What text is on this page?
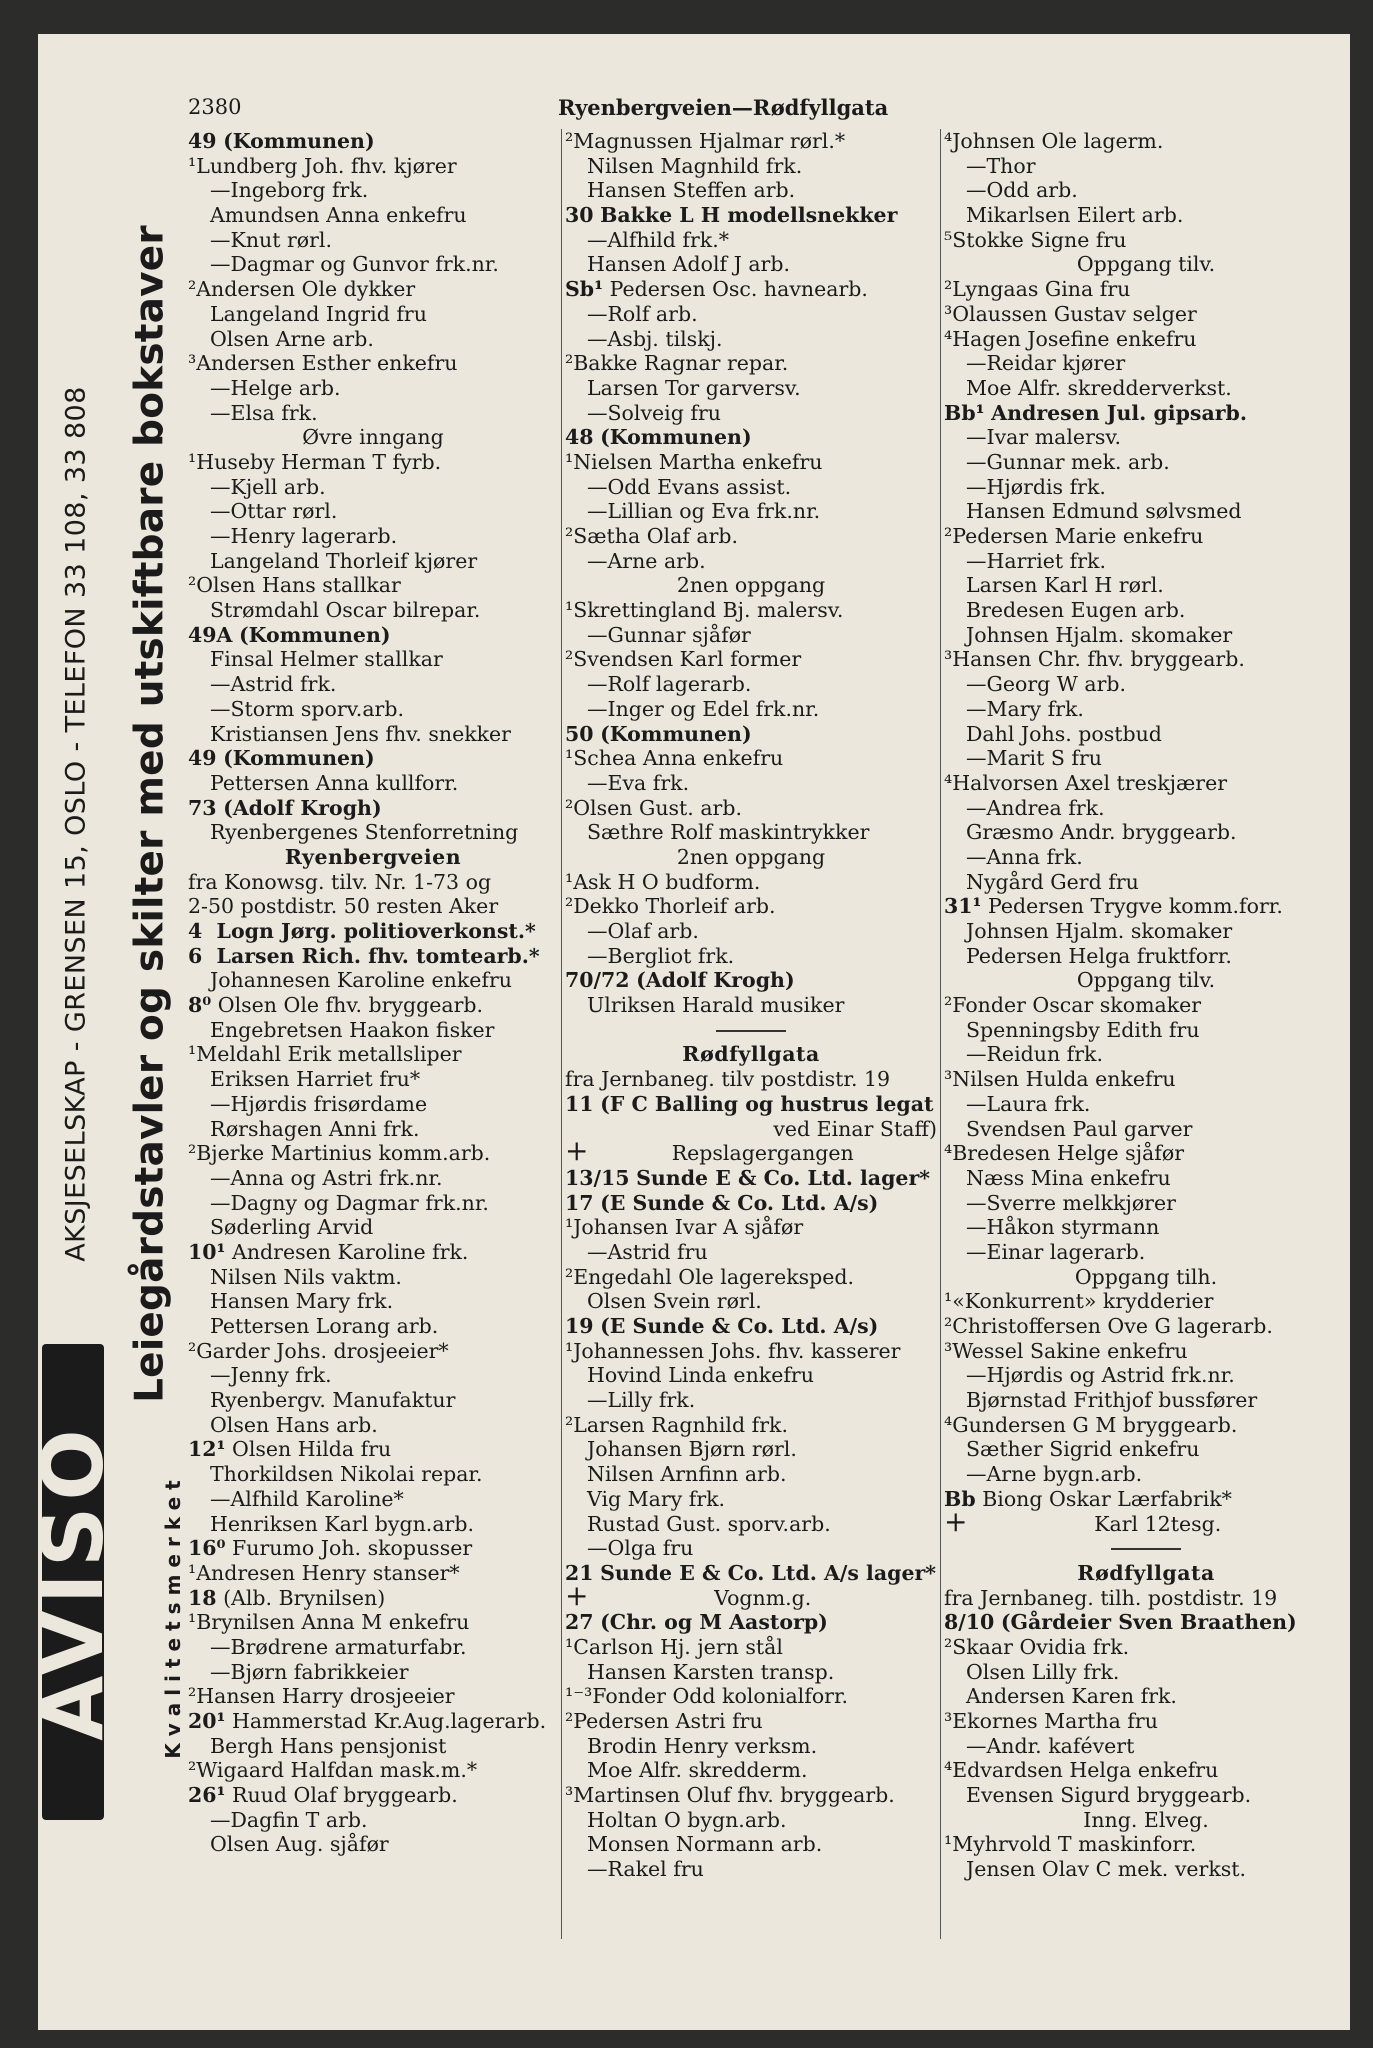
AKSJESELSKAP - GRENSEN 15, OSLO - TELEFON 33 108, 33 808 Leiegårdstavler og skilter med utskiftbare bokstaver
AVISO Kvalitetsmerket
2380	Ryenbergveien—Rødfyllgata
49 (Kommunen)
¹Lundberg Joh. fhv. kjører
—Ingeborg frk.
Amundsen Anna enkefru
—Knut rørl.
—Dagmar og Gunvor frk.nr.
²Andersen Ole dykker
Langeland Ingrid fru
Olsen Arne arb.
³Andersen Esther enkefru
—Helge arb.
—Elsa frk.
Øvre inngang
¹Huseby Herman T fyrb.
—Kjell arb.
—Ottar rørl.
—Henry lagerarb.
Langeland Thorleif kjører
²Olsen Hans stallkar
Strømdahl Oscar bilrepar.
49A (Kommunen)
Finsal Helmer stallkar
—Astrid frk.
—Storm sporv.arb.
Kristiansen Jens fhv. snekker
49 (Kommunen)
Pettersen Anna kullforr.
73 (Adolf Krogh)
Ryenbergenes Stenforretning
Ryenbergveien
fra Konowsg. tilv. Nr. 1-73 og
2-50 postdistr. 50 resten Aker
4 Logn Jørg. politioverkonst.*
6 Larsen Rich. fhv. tomtearb.*
Johannesen Karoline enkefru
8⁰ Olsen Ole fhv. bryggearb.
Engebretsen Haakon fisker
¹Meldahl Erik metallsliper
Eriksen Harriet fru*
—Hjørdis frisørdame
Rørshagen Anni frk.
²Bjerke Martinius komm.arb.
—Anna og Astri frk.nr.
—Dagny og Dagmar frk.nr.
Søderling Arvid
10¹ Andresen Karoline frk.
Nilsen Nils vaktm.
Hansen Mary frk.
Pettersen Lorang arb.
²Garder Johs. drosjeeier*
—Jenny frk.
Ryenbergv. Manufaktur
Olsen Hans arb.
12¹ Olsen Hilda fru
Thorkildsen Nikolai repar.
—Alfhild Karoline*
Henriksen Karl bygn.arb.
16⁰ Furumo Joh. skopusser
¹Andresen Henry stanser*
18 (Alb. Brynilsen)
¹Brynilsen Anna M enkefru
—Brødrene armaturfabr.
—Bjørn fabrikkeier
²Hansen Harry drosjeeier
20¹ Hammerstad Kr.Aug.lagerarb.
Bergh Hans pensjonist
²Wigaard Halfdan mask.m.*
26¹ Ruud Olaf bryggearb.
—Dagfin T arb.
Olsen Aug. sjåfør
²Magnussen Hjalmar rørl.*
Nilsen Magnhild frk.
Hansen Steffen arb.
30 Bakke L H modellsnekker
—Alfhild frk.*
Hansen Adolf J arb.
Sb¹ Pedersen Osc. havnearb.
—Rolf arb.
—Asbj. tilskj.
²Bakke Ragnar repar.
Larsen Tor garversv.
—Solveig fru
48 (Kommunen)
¹Nielsen Martha enkefru
—Odd Evans assist.
—Lillian og Eva frk.nr.
²Sætha Olaf arb.
—Arne arb.
2nen oppgang
¹Skrettingland Bj. malersv.
—Gunnar sjåfør
²Svendsen Karl former
—Rolf lagerarb.
—Inger og Edel frk.nr.
50 (Kommunen)
¹Schea Anna enkefru
—Eva frk.
²Olsen Gust. arb.
Sæthre Rolf maskintrykker
2nen oppgang
¹Ask H O budform.
²Dekko Thorleif arb.
—Olaf arb.
—Bergliot frk.
70/72 (Adolf Krogh)
Ulriksen Harald musiker
Rødfyllgata
fra Jernbaneg. tilv postdistr. 19
11 (F C Balling og hustrus legat
ved Einar Staff)
+	Repslagergangen
13/15 Sunde E & Co. Ltd. lager*
17 (E Sunde & Co. Ltd. A/s)
¹Johansen Ivar A sjåfør
—Astrid fru
²Engedahl Ole lagereksped.
Olsen Svein rørl.
19 (E Sunde & Co. Ltd. A/s)
¹Johannessen Johs. fhv. kasserer
Hovind Linda enkefru
—Lilly frk.
²Larsen Ragnhild frk.
Johansen Bjørn rørl.
Nilsen Arnfinn arb.
Vig Mary frk.
Rustad Gust. sporv.arb.
—Olga fru
21 Sunde E & Co. Ltd. A/s lager*
+	Vognm.g.
27 (Chr. og M Aastorp)
¹Carlson Hj. jern stål
Hansen Karsten transp.
¹⁻³Fonder Odd kolonialforr.
²Pedersen Astri fru
Brodin Henry verksm.
Moe Alfr. skredderm.
³Martinsen Oluf fhv. bryggearb.
Holtan O bygn.arb.
Monsen Normann arb.
—Rakel fru
⁴Johnsen Ole lagerm.
—Thor
—Odd arb.
Mikarlsen Eilert arb.
⁵Stokke Signe fru
Oppgang tilv.
²Lyngaas Gina fru
³Olaussen Gustav selger
⁴Hagen Josefine enkefru
—Reidar kjører
Moe Alfr. skredderverkst.
Bb¹ Andresen Jul. gipsarb.
—Ivar malersv.
—Gunnar mek. arb.
—Hjørdis frk.
Hansen Edmund sølvsmed
²Pedersen Marie enkefru
—Harriet frk.
Larsen Karl H rørl.
Bredesen Eugen arb.
Johnsen Hjalm. skomaker
³Hansen Chr. fhv. bryggearb.
—Georg W arb.
—Mary frk.
Dahl Johs. postbud
—Marit S fru
⁴Halvorsen Axel treskjærer
—Andrea frk.
Græsmo Andr. bryggearb.
—Anna frk.
Nygård Gerd fru
31¹ Pedersen Trygve komm.forr.
Johnsen Hjalm. skomaker
Pedersen Helga fruktforr.
Oppgang tilv.
²Fonder Oscar skomaker
Spenningsby Edith fru
—Reidun frk.
³Nilsen Hulda enkefru
—Laura frk.
Svendsen Paul garver
⁴Bredesen Helge sjåfør
Næss Mina enkefru
—Sverre melkkjører
—Håkon styrmann
—Einar lagerarb.
Oppgang tilh.
¹«Konkurrent» krydderier
²Christoffersen Ove G lagerarb.
³Wessel Sakine enkefru
—Hjørdis og Astrid frk.nr.
Bjørnstad Frithjof bussfører
⁴Gundersen G M bryggearb.
Sæther Sigrid enkefru
—Arne bygn.arb.
Bb Biong Oskar Lærfabrik*
+	Karl 12tesg.
Rødfyllgata
fra Jernbaneg. tilh. postdistr. 19
8/10 (Gårdeier Sven Braathen)
²Skaar Ovidia frk.
Olsen Lilly frk.
Andersen Karen frk.
³Ekornes Martha fru
—Andr. kafévert
⁴Edvardsen Helga enkefru
Evensen Sigurd bryggearb.
Inng. Elveg.
¹Myhrvold T maskinforr.
Jensen Olav C mek. verkst.
